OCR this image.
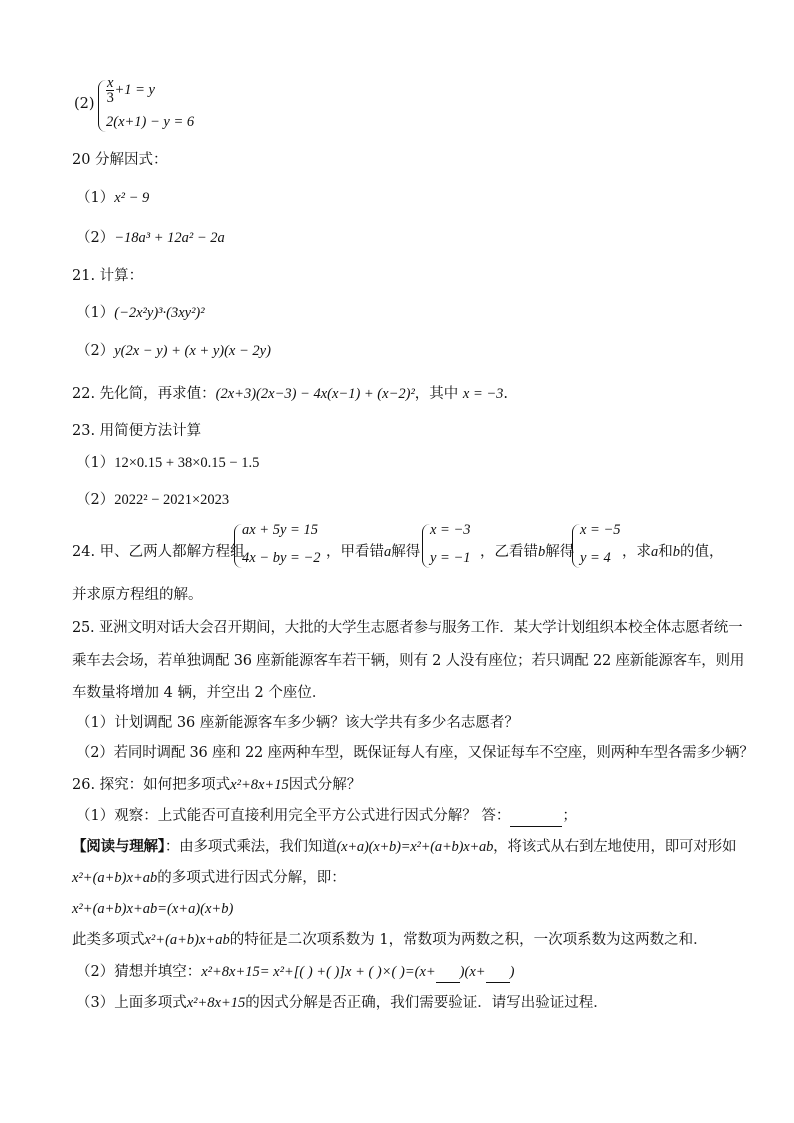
$(2) \frac{x}{3} +1 = y$
2(x+1) − y = 6
20 分解因式：
（1）x² − 9
（2）−18a³ + 12a² − 2a
21. 计算：
（1）(−2x²y)³·(3xy²)²
（2）y(2x − y) + (x + y)(x − 2y)
22. 先化简，再求值：(2x+3)(2x−3) − 4x(x−1) + (x−2)²，其中 x = −3.
23. 用简便方法计算
（1）12×0.15 + 38×0.15 − 1.5
（2）2022² − 2021×2023
24. 甲、乙两人都解方程组
ax + 5y = 15
4x − by = −2 ，甲看错a解得
x = −3
y = −1 ，乙看错b解得
x = −5
y = 4 ，求a和b的值，
并求原方程组的解。
25. 亚洲文明对话大会召开期间，大批的大学生志愿者参与服务工作．某大学计划组织本校全体志愿者统一
乘车去会场，若单独调配 36 座新能源客车若干辆，则有 2 人没有座位；若只调配 22 座新能源客车，则用
车数量将增加 4 辆，并空出 2 个座位．
（1）计划调配 36 座新能源客车多少辆？该大学共有多少名志愿者？
（2）若同时调配 36 座和 22 座两种车型，既保证每人有座，又保证每车不空座，则两种车型各需多少辆？
26. 探究：如何把多项式x²+8x+15因式分解？
（1）观察：上式能否可直接利用完全平方公式进行因式分解？ 答：	；
【阅读与理解】：由多项式乘法，我们知道(x+a)(x+b)=x²+(a+b)x+ab，将该式从右到左地使用，即可对形如
x²+(a+b)x+ab的多项式进行因式分解，即：
x²+(a+b)x+ab=(x+a)(x+b)
此类多项式x²+(a+b)x+ab的特征是二次项系数为 1，常数项为两数之积，一次项系数为这两数之和．
（2）猜想并填空：x²+8x+15= x²+[( ) +( )]x + ( )×( )=(x+ )(x+ )
（3）上面多项式x²+8x+15的因式分解是否正确，我们需要验证．请写出验证过程．
